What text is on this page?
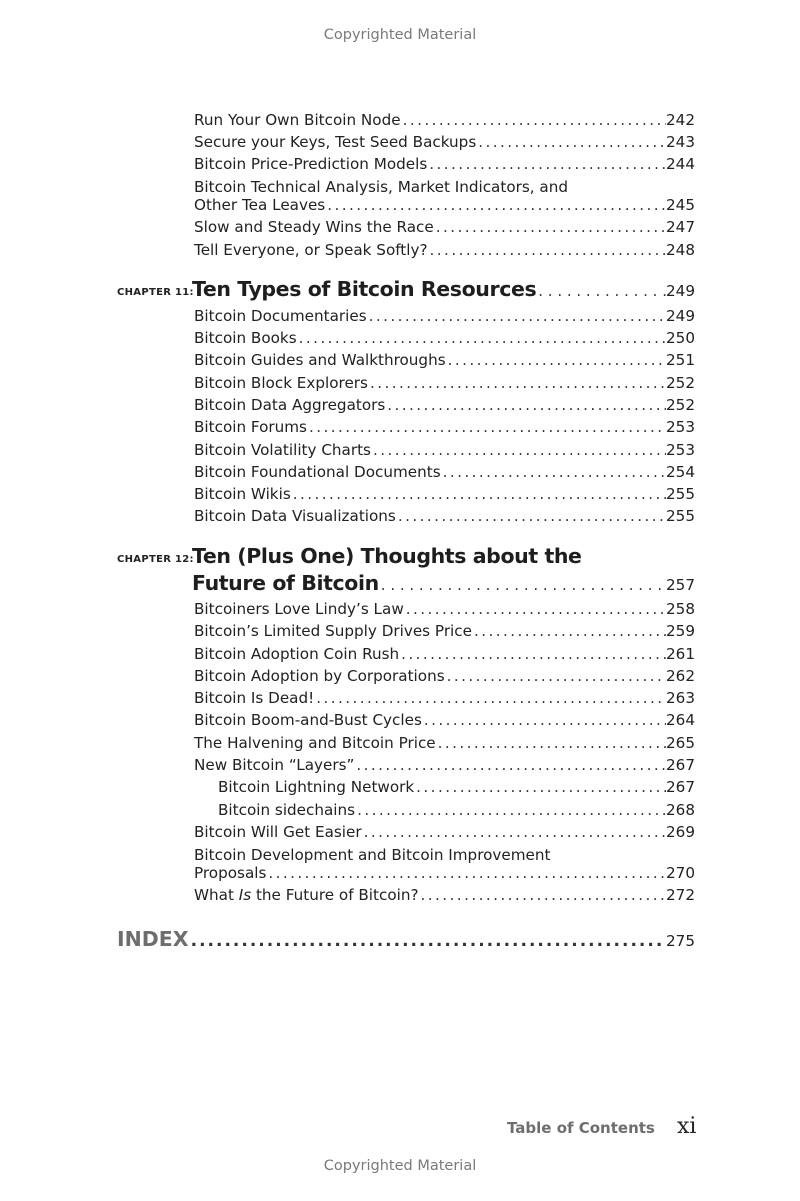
Copyrighted Material
Run Your Own Bitcoin Node . . .	242
Secure your Keys, Test Seed Backups . . .	243
Bitcoin Price-Prediction Models . . .	244
Bitcoin Technical Analysis, Market Indicators, and
Other Tea Leaves . . .	245
Slow and Steady Wins the Race . . .	247
Tell Everyone, or Speak Softly? . . .	248
CHAPTER 11:
Ten Types of Bitcoin Resources . . .	249
Bitcoin Documentaries . . .	249
Bitcoin Books . . .	250
Bitcoin Guides and Walkthroughs . . .	251
Bitcoin Block Explorers . . .	252
Bitcoin Data Aggregators . . .	252
Bitcoin Forums . . .	253
Bitcoin Volatility Charts . . .	253
Bitcoin Foundational Documents . . .	254
Bitcoin Wikis . . .	255
Bitcoin Data Visualizations . . .	255
CHAPTER 12:
Ten (Plus One) Thoughts about the
Future of Bitcoin . . .	257
Bitcoiners Love Lindy’s Law . . .	258
Bitcoin’s Limited Supply Drives Price . . .	259
Bitcoin Adoption Coin Rush . . .	261
Bitcoin Adoption by Corporations . . .	262
Bitcoin Is Dead! . . .	263
Bitcoin Boom-and-Bust Cycles . . .	264
The Halvening and Bitcoin Price . . .	265
New Bitcoin “Layers” . . .	267
Bitcoin Lightning Network . . .	267
Bitcoin sidechains . . .	268
Bitcoin Will Get Easier . . .	269
Bitcoin Development and Bitcoin Improvement
Proposals . . .	270
What Is the Future of Bitcoin? . . .	272
INDEX .....	275
Table of Contents xi
Copyrighted Material
